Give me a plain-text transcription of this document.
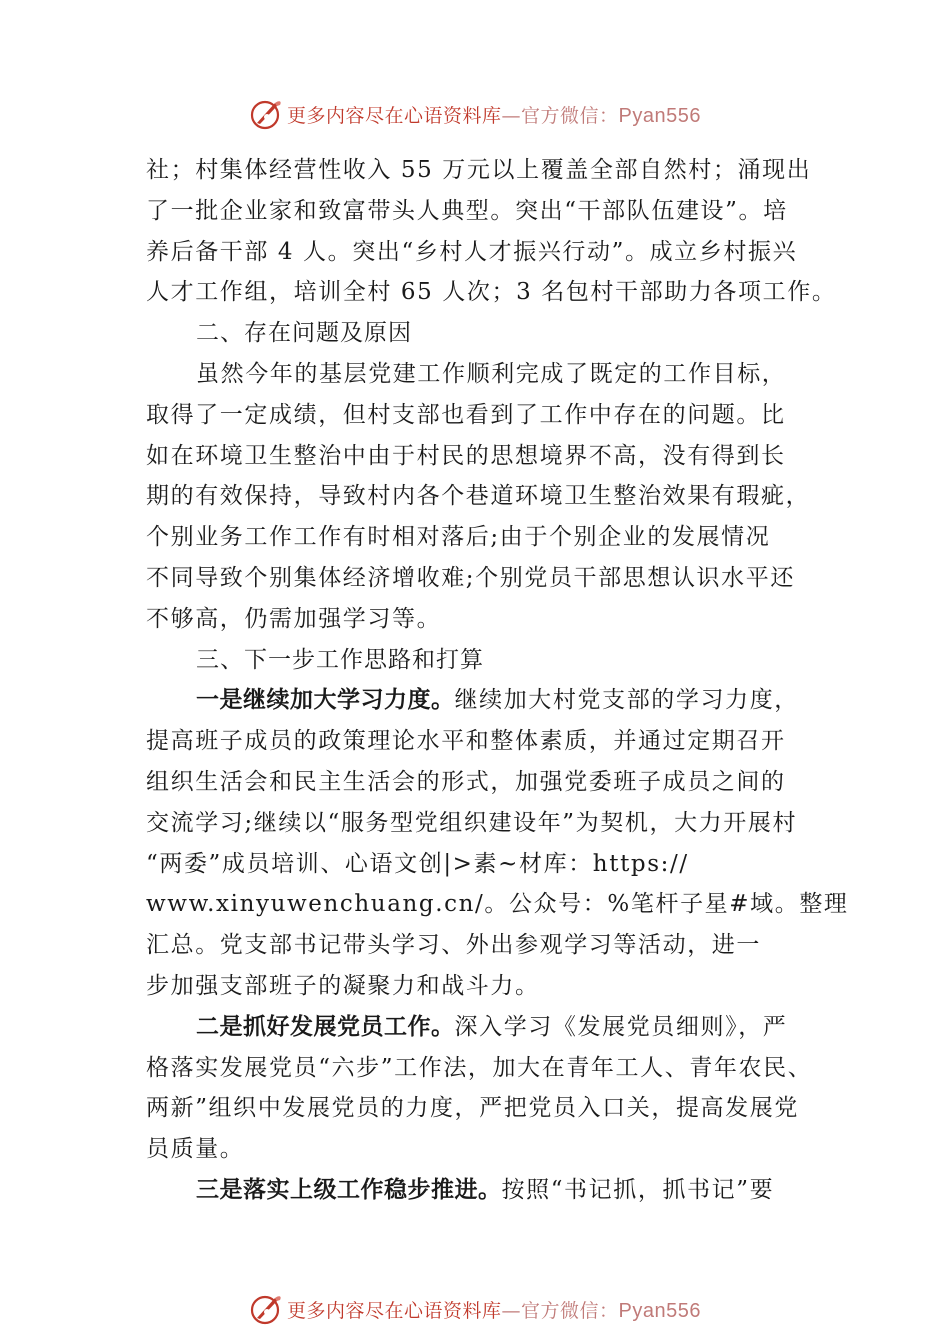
更多内容尽在心语资料库—官方微信：Pyan556
社；村集体经营性收入 55 万元以上覆盖全部自然村；涌现出
了一批企业家和致富带头人典型。突出“干部队伍建设”。培
养后备干部 4 人。突出“乡村人才振兴行动”。成立乡村振兴
人才工作组，培训全村 65 人次；3 名包村干部助力各项工作。
二、存在问题及原因
虽然今年的基层党建工作顺利完成了既定的工作目标，
取得了一定成绩，但村支部也看到了工作中存在的问题。比
如在环境卫生整治中由于村民的思想境界不高，没有得到长
期的有效保持，导致村内各个巷道环境卫生整治效果有瑕疵，
个别业务工作工作有时相对落后;由于个别企业的发展情况
不同导致个别集体经济增收难;个别党员干部思想认识水平还
不够高，仍需加强学习等。
三、下一步工作思路和打算
一是继续加大学习力度。继续加大村党支部的学习力度，
提高班子成员的政策理论水平和整体素质，并通过定期召开
组织生活会和民主生活会的形式，加强党委班子成员之间的
交流学习;继续以“服务型党组织建设年”为契机，大力开展村
“两委”成员培训、心语文创|>素~材库：https://
www.xinyuwenchuang.cn/。公众号：%笔杆子星#域。整理
汇总。党支部书记带头学习、外出参观学习等活动，进一
步加强支部班子的凝聚力和战斗力。
二是抓好发展党员工作。深入学习《发展党员细则》，严
格落实发展党员“六步”工作法，加大在青年工人、青年农民、
两新”组织中发展党员的力度，严把党员入口关，提高发展党
员质量。
三是落实上级工作稳步推进。按照“书记抓，抓书记”要
更多内容尽在心语资料库—官方微信：Pyan556
